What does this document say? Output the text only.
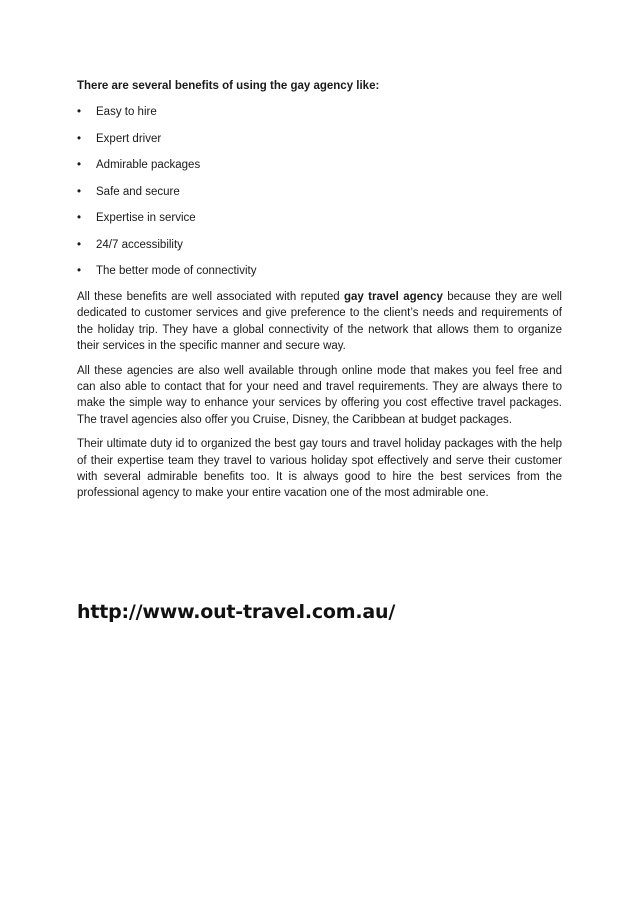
There are several benefits of using the gay agency like:

• Easy to hire
• Expert driver
• Admirable packages
• Safe and secure
• Expertise in service
• 24/7 accessibility
• The better mode of connectivity

All these benefits are well associated with reputed gay travel agency because they are well dedicated to customer services and give preference to the client’s needs and requirements of the holiday trip. They have a global connectivity of the network that allows them to organize their services in the specific manner and secure way.

All these agencies are also well available through online mode that makes you feel free and can also able to contact that for your need and travel requirements. They are always there to make the simple way to enhance your services by offering you cost effective travel packages. The travel agencies also offer you Cruise, Disney, the Caribbean at budget packages.

Their ultimate duty id to organized the best gay tours and travel holiday packages with the help of their expertise team they travel to various holiday spot effectively and serve their customer with several admirable benefits too. It is always good to hire the best services from the professional agency to make your entire vacation one of the most admirable one.

http://www.out-travel.com.au/
